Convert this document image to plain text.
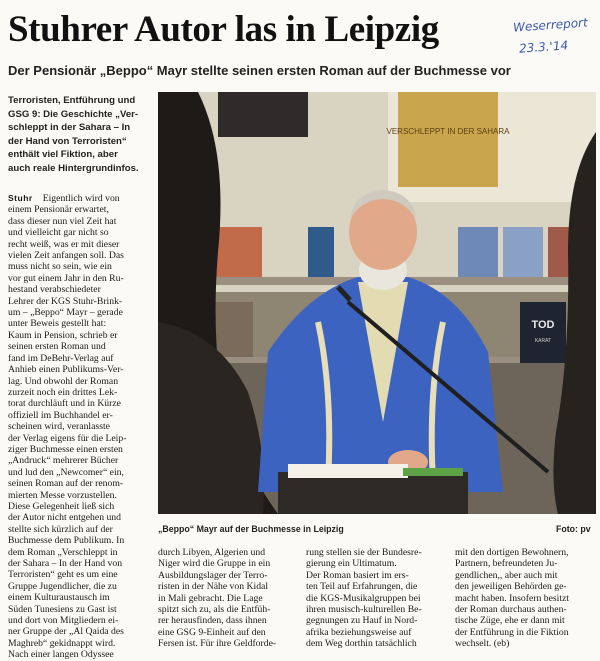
Stuhrer Autor las in Leipzig	Weserreport
23.3.'14
Der Pensionär „Beppo“ Mayr stellte seinen ersten Roman auf der Buchmesse vor

Terroristen, Entführung und

GSG 9: Die Geschichte „Ver-

schleppt in der Sahara – In

der Hand von Terroristen“

enthält viel Fiktion, aber

auch reale Hintergrundinfos.

Stuhr Eigentlich wird von
einem Pensionär erwartet,
dass dieser nun viel Zeit hat
und vielleicht gar nicht so
recht weiß, was er mit dieser
vielen Zeit anfangen soll. Das
muss nicht so sein, wie ein
vor gut einem Jahr in den Ru-
hestand verabschiedeter
Lehrer der KGS Stuhr-Brink-
um – „Beppo“ Mayr – gerade
unter Beweis gestellt hat:
Kaum in Pension, schrieb er
seinen ersten Roman und
fand im DeBehr-Verlag auf
Anhieb einen Publikums-Ver-
lag. Und obwohl der Roman
zurzeit noch ein drittes Lek-
torat durchläuft und in Kürze
offiziell im Buchhandel er-
scheinen wird, veranlasste
der Verlag eigens für die Leip-
ziger Buchmesse einen ersten
„Andruck“ mehrerer Bücher
und lud den „Newcomer“ ein,
seinen Roman auf der renom-
mierten Messe vorzustellen.
Diese Gelegenheit ließ sich
der Autor nicht entgehen und
stellte sich kürzlich auf der
Buchmesse dem Publikum. In
dem Roman „Verschleppt in
der Sahara – In der Hand von
Terroristen“ geht es um eine
Gruppe Jugendlicher, die zu
einem Kulturaustausch im
Süden Tunesiens zu Gast ist
und dort von Mitgliedern ei-
ner Gruppe der „Al Qaida des
Maghreb“ gekidnappt wird.
Nach einer langen Odyssee
VERSCHLEPPT IN DER SAHARA
TOD
KARAT
„Beppo“ Mayr auf der Buchmesse in Leipzig	Foto: pv
durch Libyen, Algerien und
Niger wird die Gruppe in ein
Ausbildungslager der Terro-
risten in der Nähe von Kidal
in Mali gebracht. Die Lage
spitzt sich zu, als die Entfüh-
rer herausfinden, dass ihnen
eine GSG 9-Einheit auf den
Fersen ist. Für ihre Geldforde-
rung stellen sie der Bundesre-
gierung ein Ultimatum.
Der Roman basiert im ers-
ten Teil auf Erfahrungen, die
die KGS-Musikalgruppen bei
ihren musisch-kulturellen Be-
gegnungen zu Hauf in Nord-
afrika beziehungsweise auf
dem Weg dorthin tatsächlich
mit den dortigen Bewohnern,
Partnern, befreundeten Ju-
gendlichen,, aber auch mit
den jeweiligen Behörden ge-
macht haben. Insofern besitzt
der Roman durchaus authen-
tische Züge, ehe er dann mit
der Entführung in die Fiktion
wechselt. (eb)
